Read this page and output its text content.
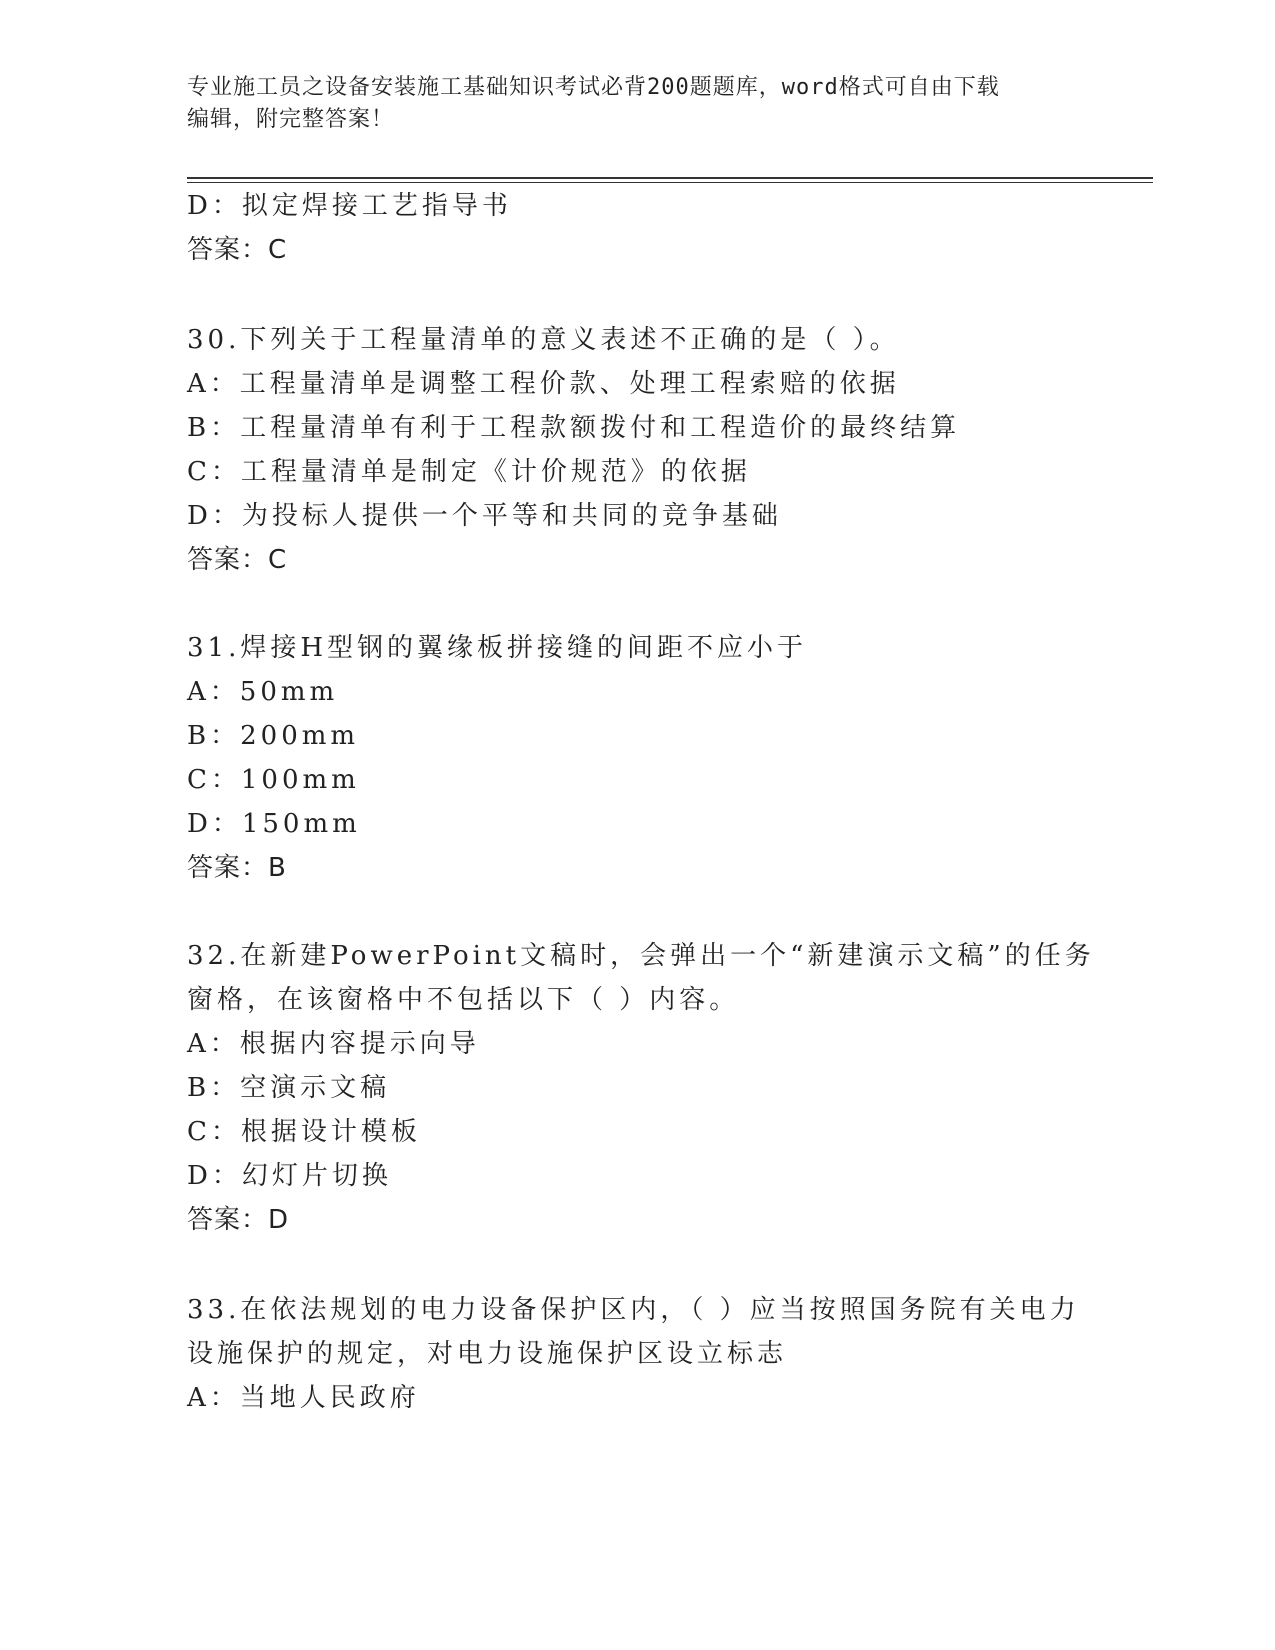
专业施工员之设备安装施工基础知识考试必背200题题库，word格式可自由下载
编辑，附完整答案！
D：拟定焊接工艺指导书
答案：C
30.下列关于工程量清单的意义表述不正确的是（ ）。
A：工程量清单是调整工程价款、处理工程索赔的依据
B：工程量清单有利于工程款额拨付和工程造价的最终结算
C：工程量清单是制定《计价规范》的依据
D：为投标人提供一个平等和共同的竞争基础
答案：C
31.焊接H型钢的翼缘板拼接缝的间距不应小于
A：50mm
B：200mm
C：100mm
D：150mm
答案：B
32.在新建PowerPoint文稿时，会弹出一个“新建演示文稿”的任务
窗格，在该窗格中不包括以下（ ）内容。
A：根据内容提示向导
B：空演示文稿
C：根据设计模板
D：幻灯片切换
答案：D
33.在依法规划的电力设备保护区内，（ ）应当按照国务院有关电力
设施保护的规定，对电力设施保护区设立标志
A：当地人民政府
